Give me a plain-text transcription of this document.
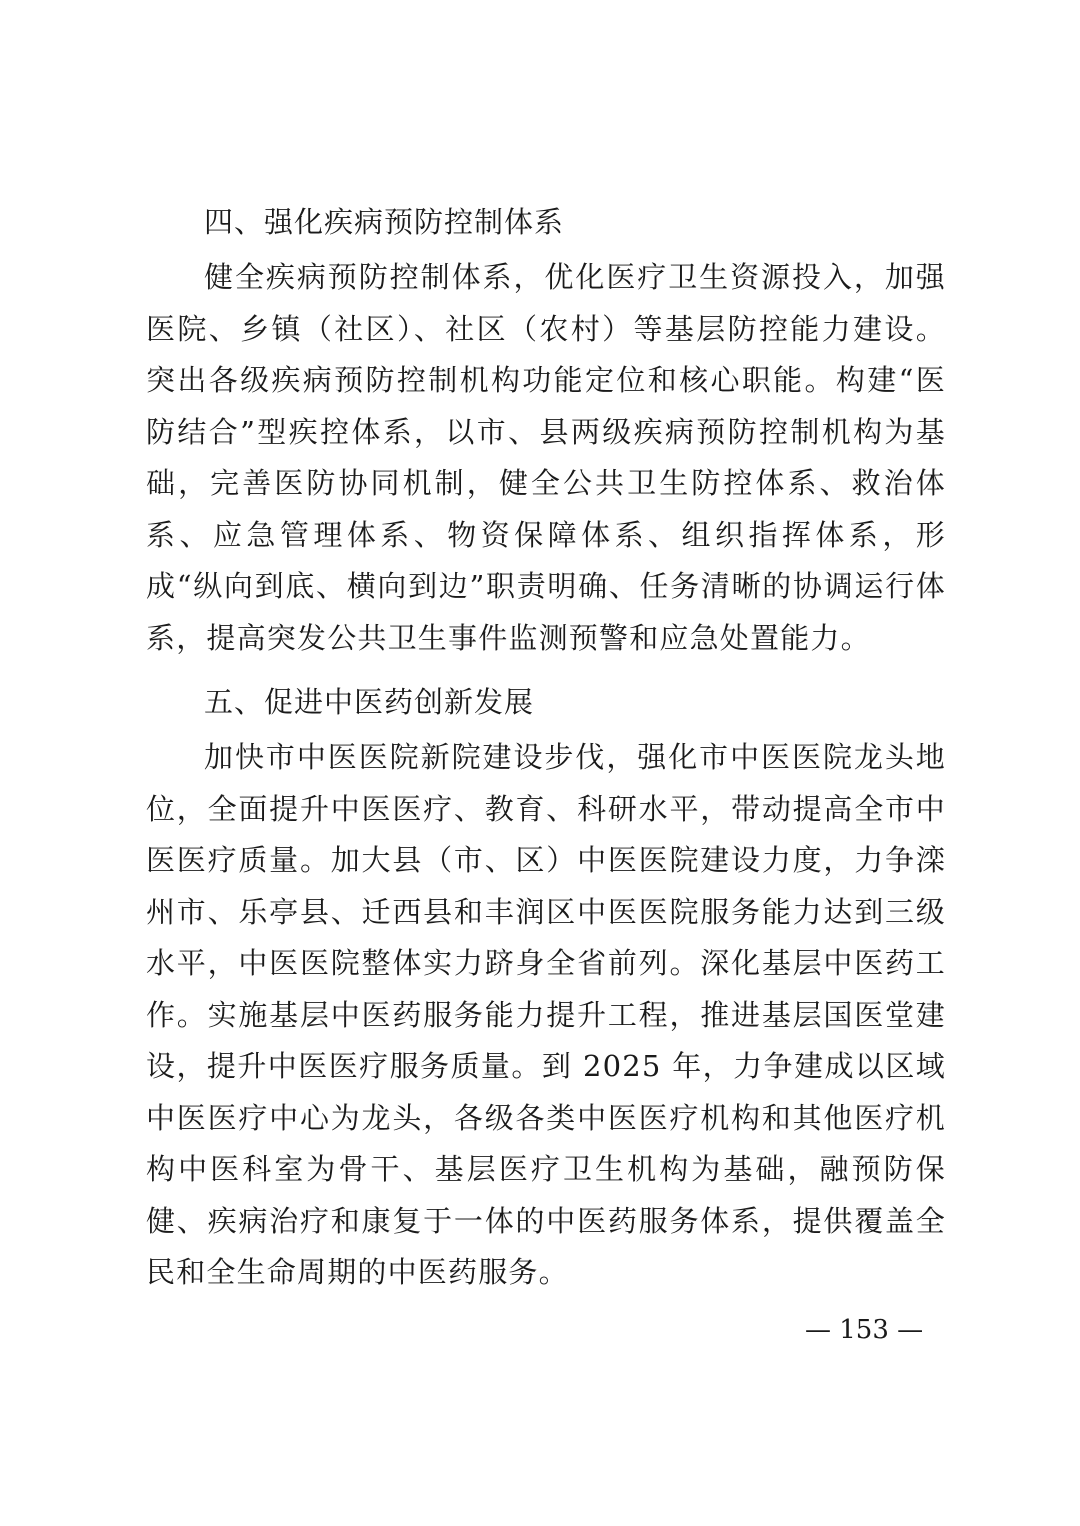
四、强化疾病预防控制体系
健全疾病预防控制体系，优化医疗卫生资源投入，加强医院、乡镇（社区）、社区（农村）等基层防控能力建设。突出各级疾病预防控制机构功能定位和核心职能。构建“医防结合”型疾控体系，以市、县两级疾病预防控制机构为基础，完善医防协同机制，健全公共卫生防控体系、救治体系、应急管理体系、物资保障体系、组织指挥体系，形成“纵向到底、横向到边”职责明确、任务清晰的协调运行体系，提高突发公共卫生事件监测预警和应急处置能力。
五、促进中医药创新发展
加快市中医医院新院建设步伐，强化市中医医院龙头地位，全面提升中医医疗、教育、科研水平，带动提高全市中医医疗质量。加大县（市、区）中医医院建设力度，力争滦州市、乐亭县、迁西县和丰润区中医医院服务能力达到三级水平，中医医院整体实力跻身全省前列。深化基层中医药工作。实施基层中医药服务能力提升工程，推进基层国医堂建设，提升中医医疗服务质量。到 2025 年，力争建成以区域中医医疗中心为龙头，各级各类中医医疗机构和其他医疗机构中医科室为骨干、基层医疗卫生机构为基础，融预防保健、疾病治疗和康复于一体的中医药服务体系，提供覆盖全民和全生命周期的中医药服务。
— 153 —
